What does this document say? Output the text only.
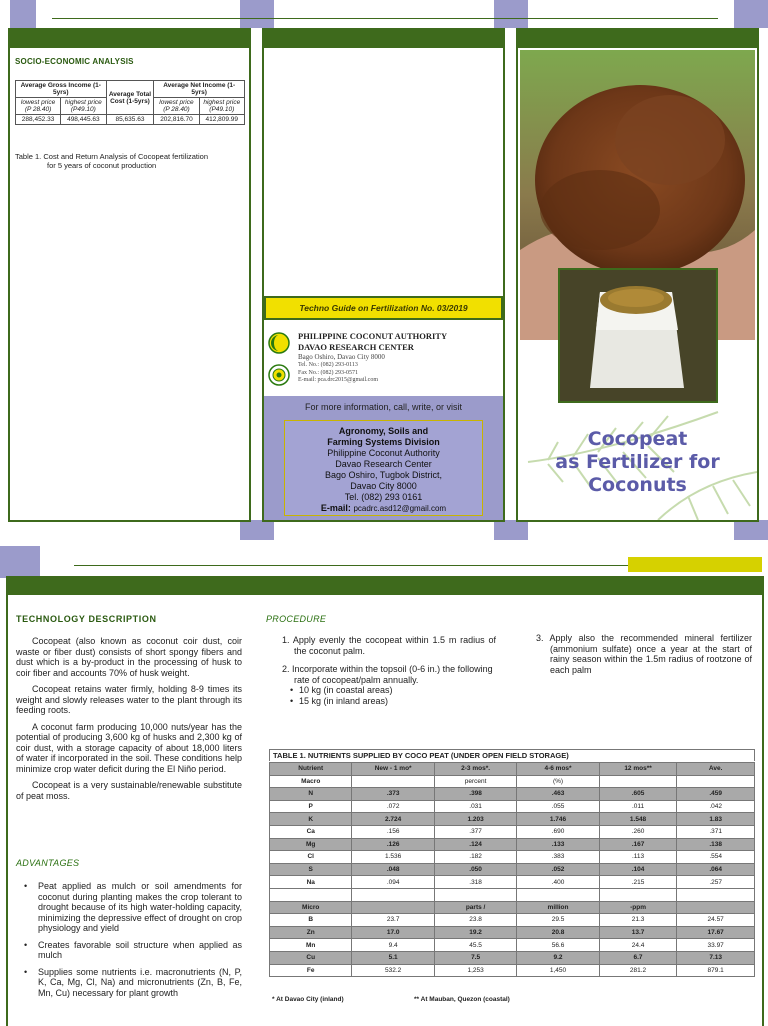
SOCIO-ECONOMIC ANALYSIS
Average Gross Income (1-5yrs)		Average Total Cost (1-5yrs)	Average Net Income (1-5yrs)	
lowest price (P 28.40)	highest price (P49.10)		lowest price (P 28.40)	highest price (P49.10)
288,452.33	498,445.63	85,635.63	202,816.70	412,809.99
Table 1. Cost and Return Analysis of Cocopeat fertilization
for 5 years of coconut production
Techno Guide on Fertilization No. 03/2019
PHILIPPINE COCONUT AUTHORITY
DAVAO RESEARCH CENTER
Bago Oshiro, Davao City 8000
Tel. No.: (082) 293-0113
Fax No.: (082) 293-0571
E-mail: pca.drc2015@gmail.com
For more information, call, write, or visit
Agronomy, Soils and
Farming Systems Division
Philippine Coconut Authority
Davao Research Center
Bago Oshiro, Tugbok District,
Davao City 8000
Tel. (082) 293 0161
E-mail: pcadrc.asd12@gmail.com
Cocopeat
as Fertilizer for
Coconuts
TECHNOLOGY DESCRIPTION

Cocopeat (also known as coconut coir dust, coir waste or fiber dust) consists of short spongy fibers and dust which is a by-product in the processing of husk to coir fiber and accounts 70% of husk weight.

Cocopeat retains water firmly, holding 8-9 times its weight and slowly releases water to the plant through its feeding roots.

A coconut farm producing 10,000 nuts/year has the potential of producing 3,600 kg of husks and 2,300 kg of coir dust, with a storage capacity of about 18,000 liters of water if incorporated in the soil. These conditions help minimize crop water deficit during the El Niño period.

Cocopeat is a very sustainable/renewable substitute of peat moss.

ADVANTAGES
• Peat applied as mulch or soil amendments for coconut during planting makes the crop tolerant to drought because of its high water-holding capacity, minimizing the depressive effect of drought on crop physiology and yield
• Creates favorable soil structure when applied as mulch
• Supplies some nutrients i.e. macronutrients (N, P, K, Ca, Mg, Cl, Na) and micronutrients (Zn, B, Fe, Mn, Cu) necessary for plant growth
PROCEDURE

1. Apply evenly the cocopeat within 1.5 m radius of the coconut palm.

2. Incorporate within the topsoil (0-6 in.) the following rate of cocopeat/palm annually.

• 10 kg (in coastal areas)
• 15 kg (in inland areas)

3. Apply also the recommended mineral fertilizer (ammonium sulfate) once a year at the start of rainy season within the 1.5m radius of rootzone of each palm

TABLE 1. NUTRIENTS SUPPLIED BY COCO PEAT (UNDER OPEN FIELD STORAGE)
Nutrient	New - 1 mo*	2-3 mos*.	4-6 mos*	12 mos**	Ave.
Macro		percent	(%)		
N	.373	.398	.463	.605	.459
P	.072	.031	.055	.011	.042
K	2.724	1.203	1.746	1.548	1.83
Ca	.156	.377	.690	.260	.371
Mg	.126	.124	.133	.167	.138
Cl	1.536	.182	.383	.113	.554
S	.048	.050	.052	.104	.064
Na	.094	.318	.400	.215	.257

Micro		parts /	million	-ppm	
B	23.7	23.8	29.5	21.3	24.57
Zn	17.0	19.2	20.8	13.7	17.67
Mn	9.4	45.5	56.6	24.4	33.97
Cu	5.1	7.5	9.2	6.7	7.13
Fe	532.2	1,253	1,450	281.2	879.1
* At Davao City (inland)	** At Mauban, Quezon (coastal)
